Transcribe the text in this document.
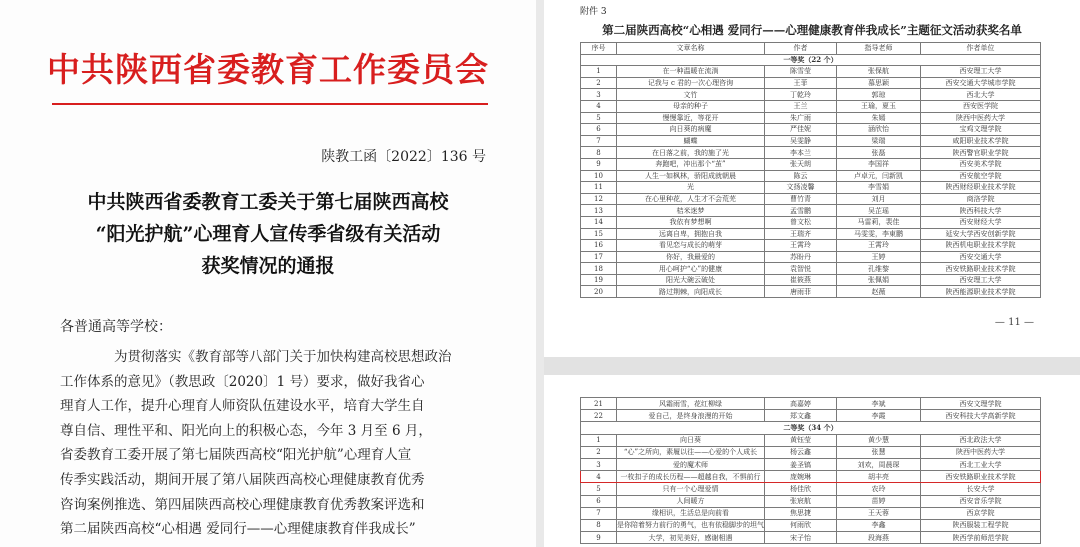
中共陕西省委教育工作委员会
陕教工函〔2022〕136 号
中共陕西省委教育工委关于第七届陕西高校
“阳光护航”心理育人宣传季省级有关活动
获奖情况的通报
各普通高等学校：
为贯彻落实《教育部等八部门关于加快构建高校思想政治
工作体系的意见》（教思政〔2020〕1 号）要求，做好我省心
理育人工作，提升心理育人师资队伍建设水平，培育大学生自
尊自信、理性平和、阳光向上的积极心态，今年 3 月至 6 月，
省委教育工委开展了第七届陕西高校“阳光护航”心理育人宣
传季实践活动，期间开展了第八届陕西高校心理健康教育优秀
咨询案例推选、第四届陕西高校心理健康教育优秀教案评选和
第二届陕西高校“心相遇 爱同行——心理健康教育伴我成长”
附件 3
第二届陕西高校“心相遇 爱同行——心理健康教育伴我成长”主题征文活动获奖名单
序号	文章名称	作者	指导老师	作者单位
一等奖（22 个）				
1	在一种温暖在流淌	陈雪莹	张保航	西安理工大学
2	记我与 c 君的一次心理咨询	王菲	慕思颖	西安交通大学城市学院
3	文竹	丁乾玲	郭琼	西北大学
4	母亲的种子	王兰	王瑜，夏玉	西安医学院
5	慢慢靠近，等花开	朱广雨	朱嫣	陕西中医药大学
6	向日葵的病魔	严佳妮	涵欣怡	宝鸡文理学院
7	蝴蝶	吴雯静	梁瑞	咸阳职业技术学院
8	在日落之前，我的施了光	李本兰	张磊	陕西警官职业学院
9	奔跑吧，冲出那个“茧”	张天朗	李国祥	西安美术学院
10	人生一如枫林，骄阳成就朝晨	陈云	卢卓元，闫新凯	西安航空学院
11	光	文扬凌馨	李雪娟	陕西财经职业技术学院
12	在心里种花，人生才不会荒芜	曹竹青	刘月	商洛学院
13	桔米迷梦	孟雪鹏	吴芷瑶	陕西科技大学
14	我依有梦想啊	曾文松	马雷莉，裴佳	西安财经大学
15	远离自卑，拥抱自我	王瑞齐	马雯雯，李東鹏	延安大学西安创新学院
16	看见恋与成长的萌芽	王霄玲	王霄玲	陕西机电职业技术学院
17	你好，我最爱的	苏盼丹	王婷	西安交通大学
18	用心呵护“心”的健康	袁智悦	孔维黎	西安铁路职业技术学院
19	阳光大碗云破处	崔筱燕	张佩娟	西安理工大学
20	路过荆棘，向阳成长	唐雨菲	赵薇	陕西能源职业技术学院
— 11 —
21	风霜雨雪，花红柳绿	高嘉婷	李斌	西安文理学院
22	爱自己，是终身浪漫的开始	郑文鑫	李霞	西安科技大学高新学院
二等奖（34 个）				
1	向日葵	黄钰莹	黄少慧	西北政法大学
2	“心”之所向，素履以往——心爱的个人成长	杨云鑫	张慧	陕西中医药大学
3	爱的魔术师	姜圣镐	刘欢，周晨琛	西北工业大学
4	一枚扣子的成长历程——超越自我，不惧前行	庞婉琳	胡丰亮	西安铁路职业技术学院
5	只有一个心理爱情	杨佳欣	农玲	长安大学
6	人间暖方	张宸航	苗婷	西安音乐学院
7	缘相识，生活总是向前看	焦思捷	王天蓉	西京学院
8	是你陪着努力前行的勇气，也有依稳脚步的坦气	何雨欣	李鑫	陕西服装工程学院
9	大学，初见美好，感谢相遇	宋子怡	段海燕	陕西学前师范学院
